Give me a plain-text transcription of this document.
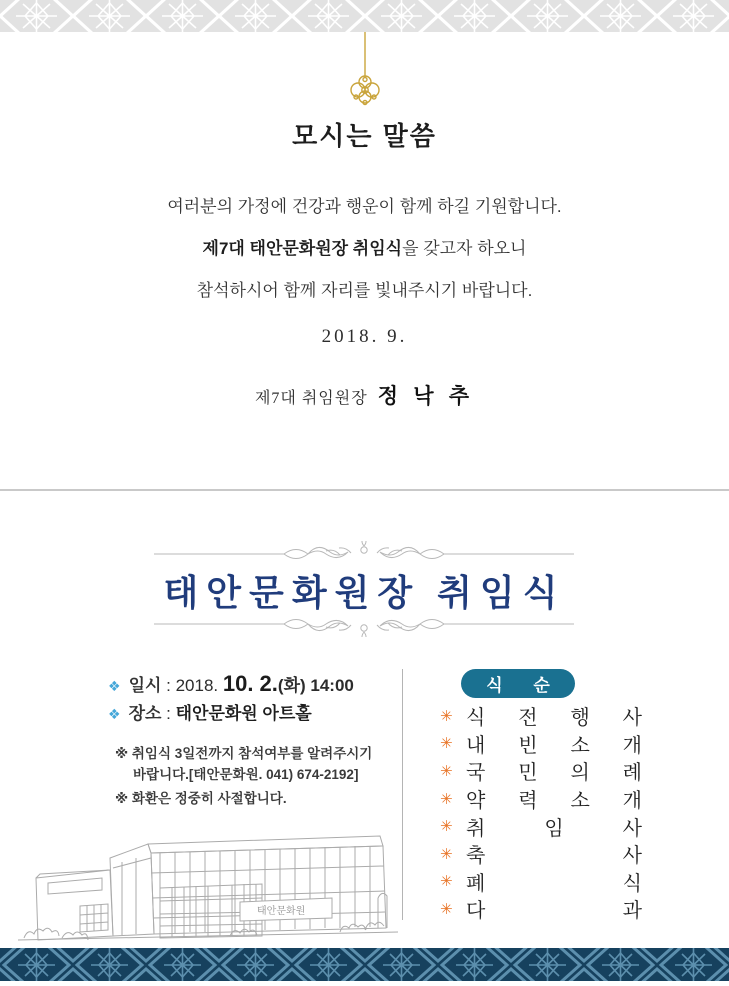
모시는 말씀
여러분의 가정에 건강과 행운이 함께 하길 기원합니다.
제7대 태안문화원장 취임식을 갖고자 하오니
참석하시어 함께 자리를 빛내주시기 바랍니다.
2018. 9.
제7대 취임원장 정 낙 추
태안문화원장 취임식
❖ 일시 : 2018. 10. 2.(화) 14:00
❖ 장소 : 태안문화원 아트홀
※ 취임식 3일전까지 참석여부를 알려주시기
바랍니다.[태안문화원. 041) 674-2192]
※ 화환은 정중히 사절합니다.
태안문화원
식 순
✳ 식 전 행 사
✳ 내 빈 소 개
✳ 국 민 의 례
✳ 약 력 소 개
✳ 취	임	사
✳ 축	사
✳ 폐	식
✳ 다	과
